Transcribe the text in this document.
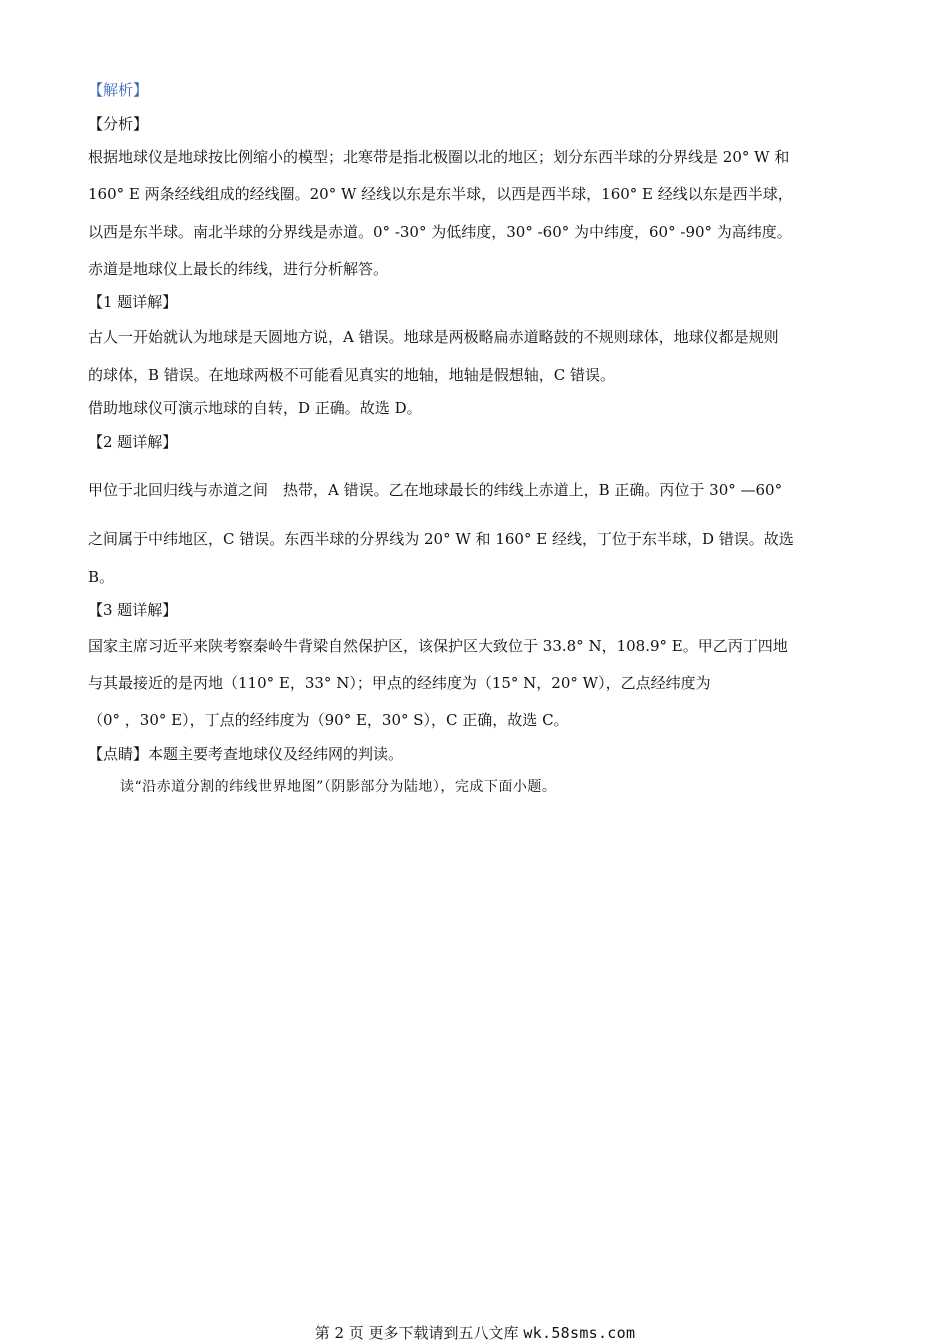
【解析】
【分析】
根据地球仪是地球按比例缩小的模型；北寒带是指北极圈以北的地区；划分东西半球的分界线是 20° W 和
160° E 两条经线组成的经线圈。20° W 经线以东是东半球，以西是西半球，160° E 经线以东是西半球，
以西是东半球。南北半球的分界线是赤道。0° -30° 为低纬度，30° -60° 为中纬度，60° -90° 为高纬度。
赤道是地球仪上最长的纬线，进行分析解答。
【1 题详解】
古人一开始就认为地球是天圆地方说，A 错误。地球是两极略扁赤道略鼓的不规则球体，地球仪都是规则
的球体，B 错误。在地球两极不可能看见真实的地轴，地轴是假想轴，C 错误。
借助地球仪可演示地球的自转，D 正确。故选 D。
【2 题详解】
甲位于北回归线与赤道之间　热带，A 错误。乙在地球最长的纬线上赤道上，B 正确。丙位于 30° —60°
之间属于中纬地区，C 错误。东西半球的分界线为 20° W 和 160° E 经线，丁位于东半球，D 错误。故选
B。
【3 题详解】
国家主席习近平来陕考察秦岭牛背梁自然保护区，该保护区大致位于 33.8° N，108.9° E。甲乙丙丁四地
与其最接近的是丙地（110° E，33° N）；甲点的经纬度为（15° N，20° W），乙点经纬度为
（0° ，30° E），丁点的经纬度为（90° E，30° S），C 正确，故选 C。
【点睛】本题主要考查地球仪及经纬网的判读。
读“沿赤道分割的纬线世界地图”（阴影部分为陆地），完成下面小题。
第 2 页 更多下载请到五八文库 wk.58sms.com
